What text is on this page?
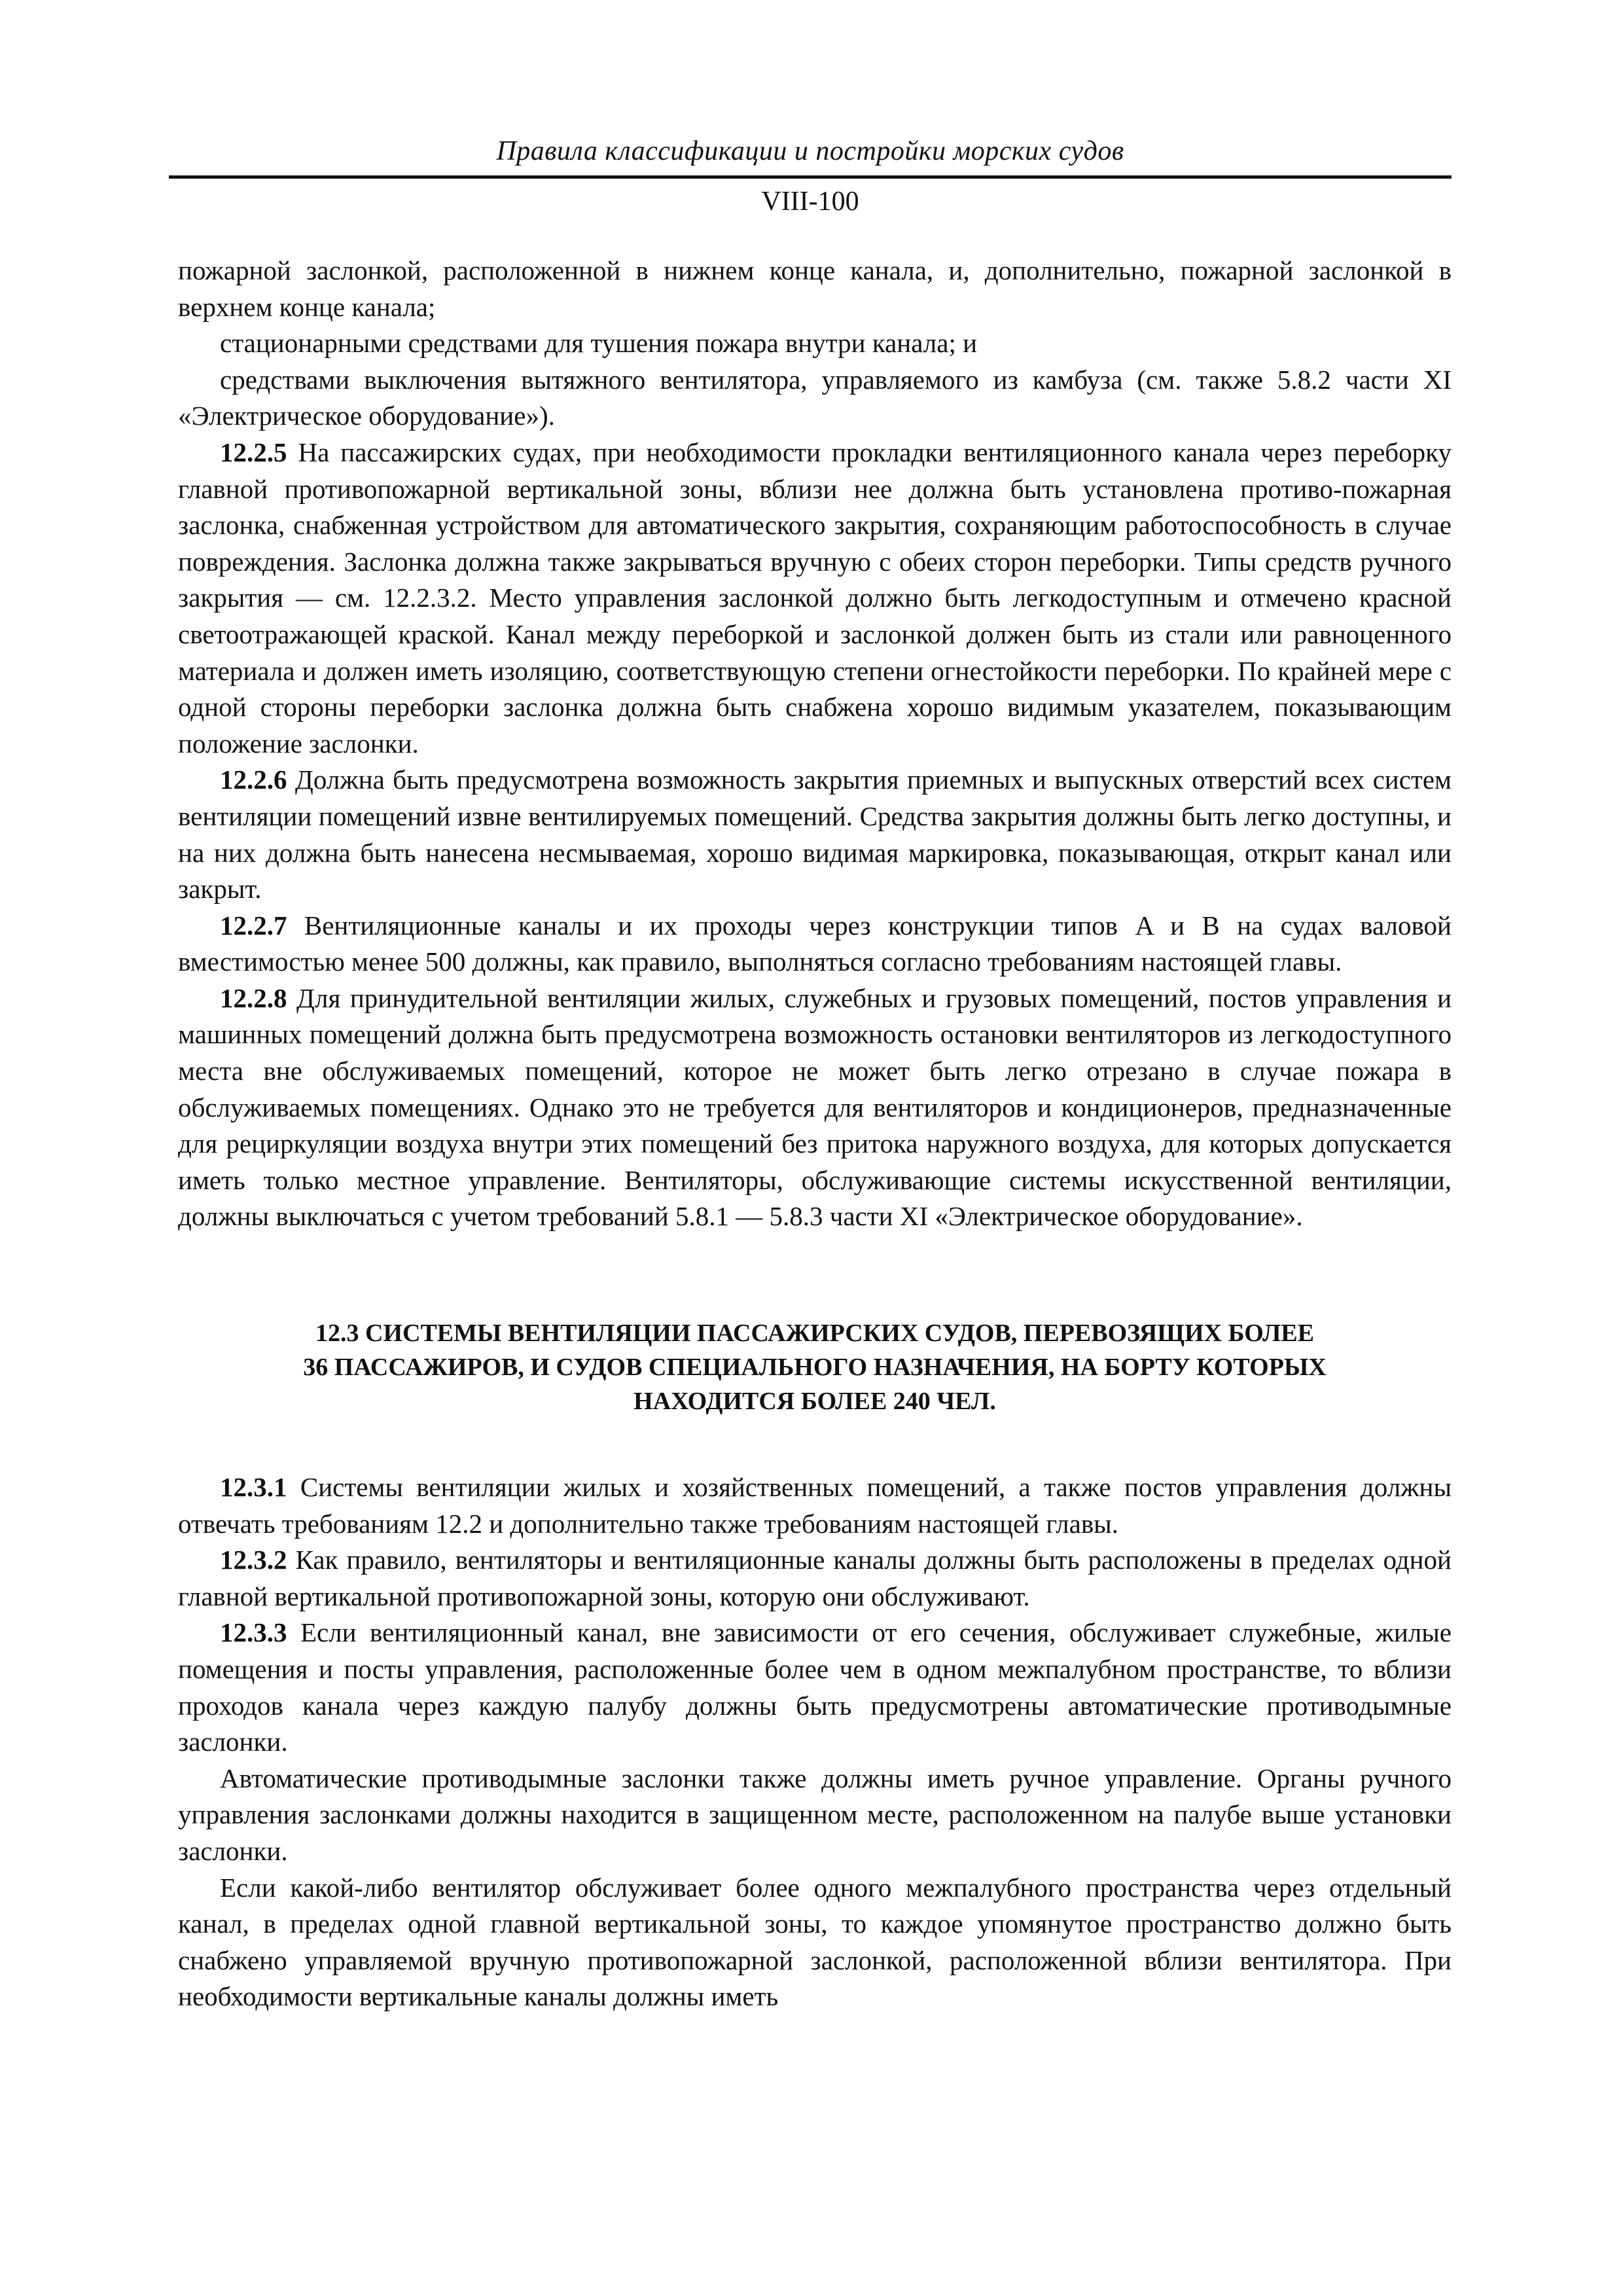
Правила классификации и постройки морских судов
VIII-100

пожарной заслонкой, расположенной в нижнем конце канала, и, дополнительно, пожарной заслонкой в верхнем конце канала;

стационарными средствами для тушения пожара внутри канала; и

средствами выключения вытяжного вентилятора, управляемого из камбуза (см. также 5.8.2 части XI «Электрическое оборудование»).

12.2.5 На пассажирских судах, при необходимости прокладки вентиляционного канала через переборку главной противопожарной вертикальной зоны, вблизи нее должна быть установлена противо-пожарная заслонка, снабженная устройством для автоматического закрытия, сохраняющим работоспособность в случае повреждения. Заслонка должна также закрываться вручную с обеих сторон переборки. Типы средств ручного закрытия — см. 12.2.3.2. Место управления заслонкой должно быть легкодоступным и отмечено красной светоотражающей краской. Канал между переборкой и заслонкой должен быть из стали или равноценного материала и должен иметь изоляцию, соответствующую степени огнестойкости переборки. По крайней мере с одной стороны переборки заслонка должна быть снабжена хорошо видимым указателем, показывающим положение заслонки.

12.2.6 Должна быть предусмотрена возможность закрытия приемных и выпускных отверстий всех систем вентиляции помещений извне вентилируемых помещений. Средства закрытия должны быть легко доступны, и на них должна быть нанесена несмываемая, хорошо видимая маркировка, показывающая, открыт канал или закрыт.

12.2.7 Вентиляционные каналы и их проходы через конструкции типов A и B на судах валовой вместимостью менее 500 должны, как правило, выполняться согласно требованиям настоящей главы.

12.2.8 Для принудительной вентиляции жилых, служебных и грузовых помещений, постов управления и машинных помещений должна быть предусмотрена возможность остановки вентиляторов из легкодоступного места вне обслуживаемых помещений, которое не может быть легко отрезано в случае пожара в обслуживаемых помещениях. Однако это не требуется для вентиляторов и кондиционеров, предназначенные для рециркуляции воздуха внутри этих помещений без притока наружного воздуха, для которых допускается иметь только местное управление. Вентиляторы, обслуживающие системы искусственной вентиляции, должны выключаться с учетом требований 5.8.1 — 5.8.3 части XI «Электрическое оборудование».

12.3 СИСТЕМЫ ВЕНТИЛЯЦИИ ПАССАЖИРСКИХ СУДОВ, ПЕРЕВОЗЯЩИХ БОЛЕЕ
36 ПАССАЖИРОВ, И СУДОВ СПЕЦИАЛЬНОГО НАЗНАЧЕНИЯ, НА БОРТУ КОТОРЫХ
НАХОДИТСЯ БОЛЕЕ 240 ЧЕЛ.

12.3.1 Системы вентиляции жилых и хозяйственных помещений, а также постов управления должны отвечать требованиям 12.2 и дополнительно также требованиям настоящей главы.

12.3.2 Как правило, вентиляторы и вентиляционные каналы должны быть расположены в пределах одной главной вертикальной противопожарной зоны, которую они обслуживают.

12.3.3 Если вентиляционный канал, вне зависимости от его сечения, обслуживает служебные, жилые помещения и посты управления, расположенные более чем в одном межпалубном пространстве, то вблизи проходов канала через каждую палубу должны быть предусмотрены автоматические противодымные заслонки.

Автоматические противодымные заслонки также должны иметь ручное управление. Органы ручного управления заслонками должны находится в защищенном месте, расположенном на палубе выше установки заслонки.

Если какой-либо вентилятор обслуживает более одного межпалубного пространства через отдельный канал, в пределах одной главной вертикальной зоны, то каждое упомянутое пространство должно быть снабжено управляемой вручную противопожарной заслонкой, расположенной вблизи вентилятора. При необходимости вертикальные каналы должны иметь
